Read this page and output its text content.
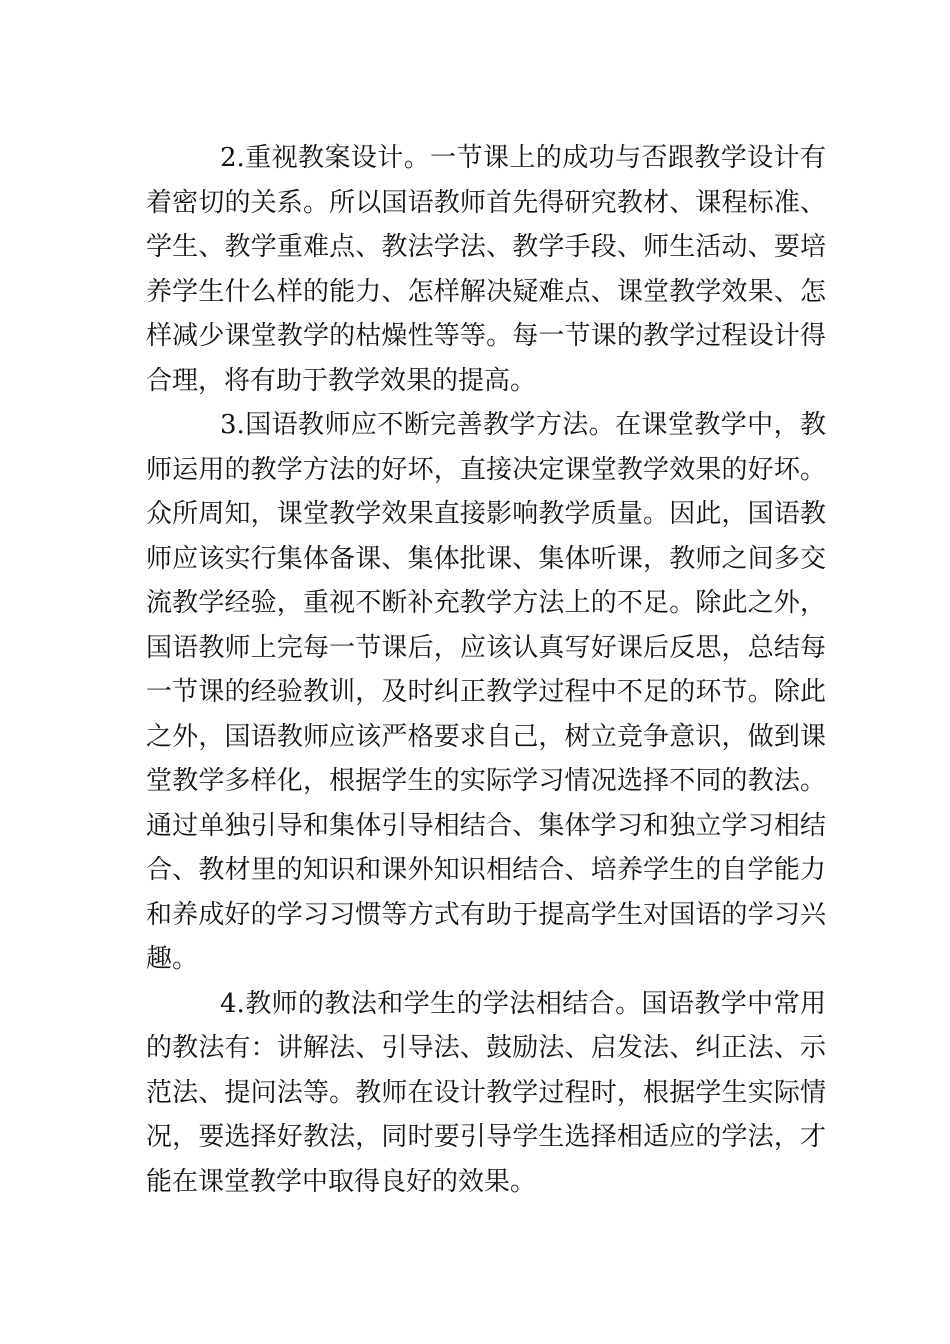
2.重视教案设计。一节课上的成功与否跟教学设计有着密切的关系。所以国语教师首先得研究教材、课程标准、学生、教学重难点、教法学法、教学手段、师生活动、要培养学生什么样的能力、怎样解决疑难点、课堂教学效果、怎样减少课堂教学的枯燥性等等。每一节课的教学过程设计得合理，将有助于教学效果的提高。

3.国语教师应不断完善教学方法。在课堂教学中，教师运用的教学方法的好坏，直接决定课堂教学效果的好坏。众所周知，课堂教学效果直接影响教学质量。因此，国语教师应该实行集体备课、集体批课、集体听课，教师之间多交流教学经验，重视不断补充教学方法上的不足。除此之外，国语教师上完每一节课后，应该认真写好课后反思，总结每一节课的经验教训，及时纠正教学过程中不足的环节。除此之外，国语教师应该严格要求自己，树立竞争意识，做到课堂教学多样化，根据学生的实际学习情况选择不同的教法。通过单独引导和集体引导相结合、集体学习和独立学习相结合、教材里的知识和课外知识相结合、培养学生的自学能力和养成好的学习习惯等方式有助于提高学生对国语的学习兴趣。

4.教师的教法和学生的学法相结合。国语教学中常用的教法有：讲解法、引导法、鼓励法、启发法、纠正法、示范法、提问法等。教师在设计教学过程时，根据学生实际情况，要选择好教法，同时要引导学生选择相适应的学法，才能在课堂教学中取得良好的效果。
